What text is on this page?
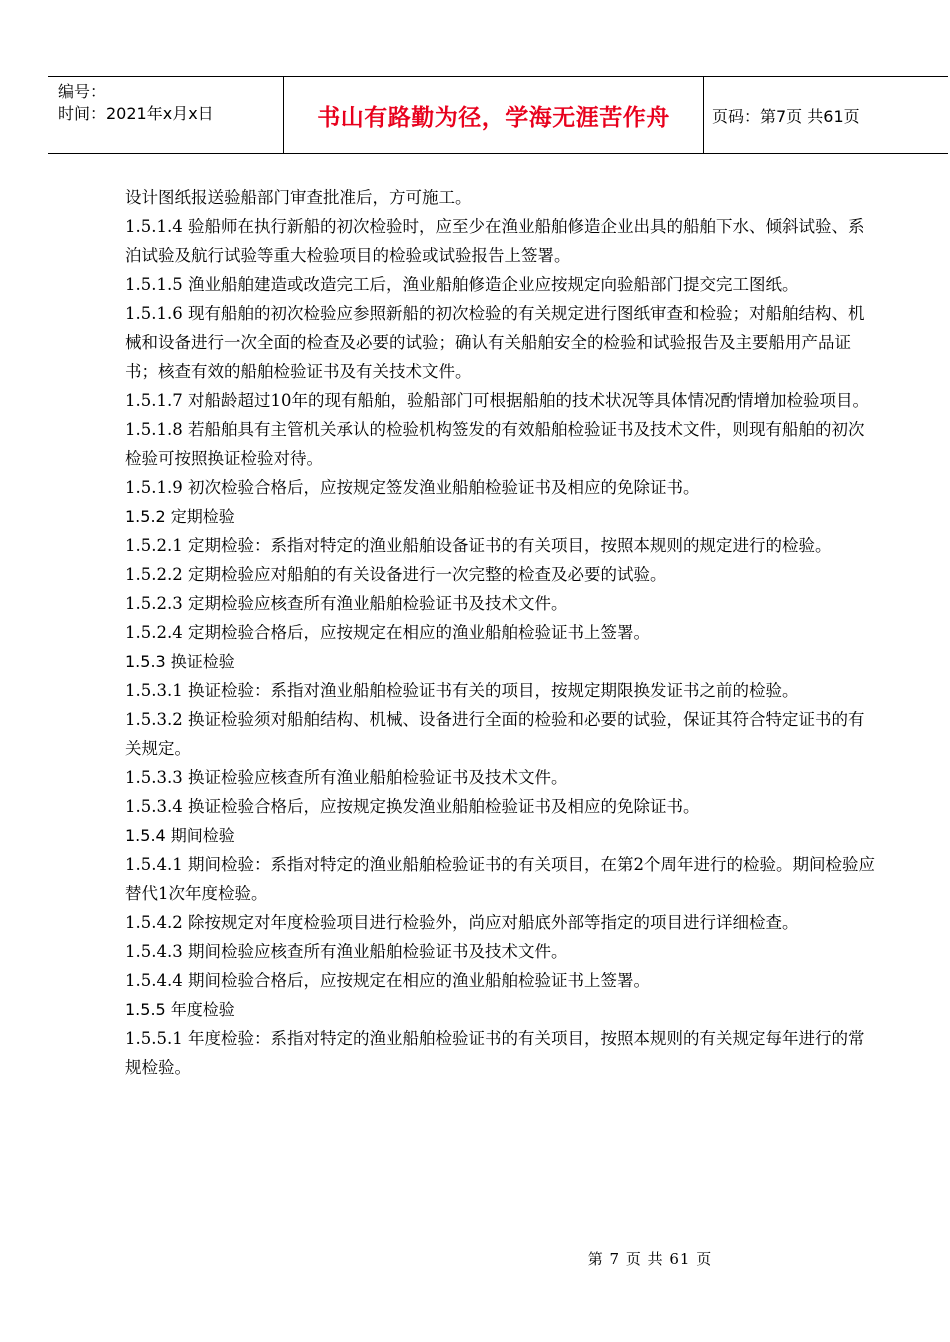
编号：
时间：2021年x月x日	书山有路勤为径，学海无涯苦作舟	页码：第7页 共61页

设计图纸报送验船部门审查批准后，方可施工。

1.5.1.4 验船师在执行新船的初次检验时，应至少在渔业船舶修造企业出具的船舶下水、倾斜试验、系泊试验及航行试验等重大检验项目的检验或试验报告上签署。

1.5.1.5 渔业船舶建造或改造完工后，渔业船舶修造企业应按规定向验船部门提交完工图纸。

1.5.1.6 现有船舶的初次检验应参照新船的初次检验的有关规定进行图纸审查和检验；对船舶结构、机械和设备进行一次全面的检查及必要的试验；确认有关船舶安全的检验和试验报告及主要船用产品证书；核查有效的船舶检验证书及有关技术文件。

1.5.1.7 对船龄超过10年的现有船舶，验船部门可根据船舶的技术状况等具体情况酌情增加检验项目。

1.5.1.8 若船舶具有主管机关承认的检验机构签发的有效船舶检验证书及技术文件，则现有船舶的初次检验可按照换证检验对待。

1.5.1.9 初次检验合格后，应按规定签发渔业船舶检验证书及相应的免除证书。

1.5.2 定期检验

1.5.2.1 定期检验：系指对特定的渔业船舶设备证书的有关项目，按照本规则的规定进行的检验。

1.5.2.2 定期检验应对船舶的有关设备进行一次完整的检查及必要的试验。

1.5.2.3 定期检验应核查所有渔业船舶检验证书及技术文件。

1.5.2.4 定期检验合格后，应按规定在相应的渔业船舶检验证书上签署。

1.5.3 换证检验

1.5.3.1 换证检验：系指对渔业船舶检验证书有关的项目，按规定期限换发证书之前的检验。

1.5.3.2 换证检验须对船舶结构、机械、设备进行全面的检验和必要的试验，保证其符合特定证书的有关规定。

1.5.3.3 换证检验应核查所有渔业船舶检验证书及技术文件。

1.5.3.4 换证检验合格后，应按规定换发渔业船舶检验证书及相应的免除证书。

1.5.4 期间检验

1.5.4.1 期间检验：系指对特定的渔业船舶检验证书的有关项目，在第2个周年进行的检验。期间检验应替代1次年度检验。

1.5.4.2 除按规定对年度检验项目进行检验外，尚应对船底外部等指定的项目进行详细检查。

1.5.4.3 期间检验应核查所有渔业船舶检验证书及技术文件。

1.5.4.4 期间检验合格后，应按规定在相应的渔业船舶检验证书上签署。

1.5.5 年度检验

1.5.5.1 年度检验：系指对特定的渔业船舶检验证书的有关项目，按照本规则的有关规定每年进行的常规检验。

第 7 页 共 61 页
